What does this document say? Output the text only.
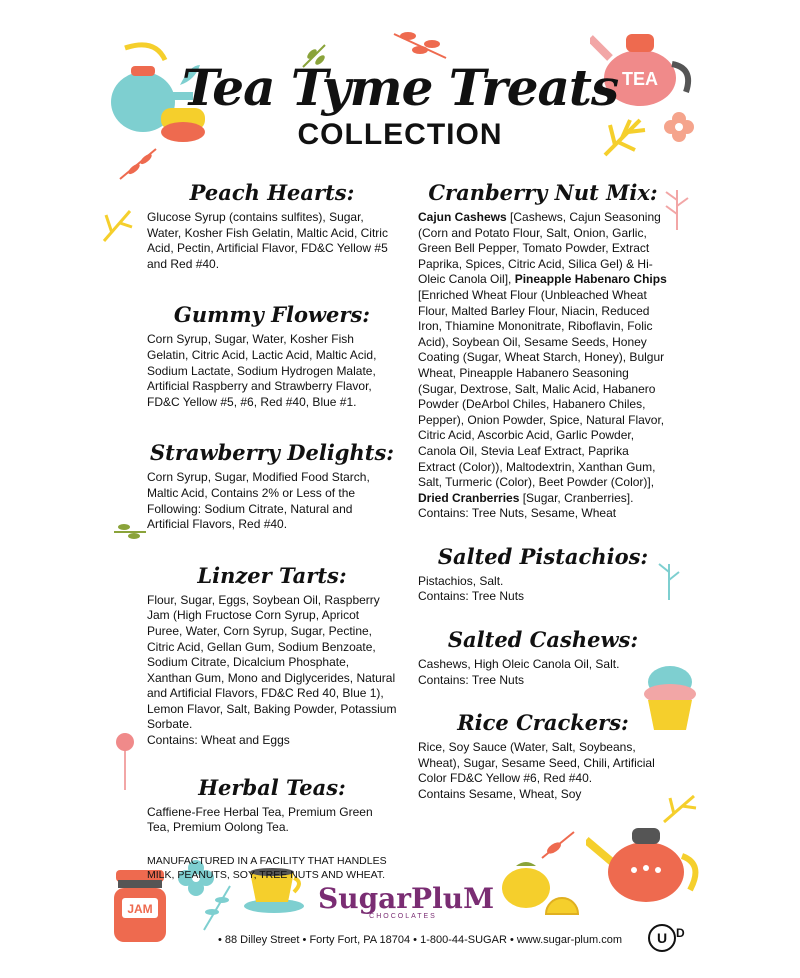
TEA
JAM
Tea Tyme Treats
COLLECTION

Peach Hearts:

Glucose Syrup (contains sulfites), Sugar, Water, Kosher Fish Gelatin, Maltic Acid, Citric Acid, Pectin, Artificial Flavor, FD&C Yellow #5 and Red #40.

Gummy Flowers:

Corn Syrup, Sugar, Water, Kosher Fish Gelatin, Citric Acid, Lactic Acid, Maltic Acid, Sodium Lactate, Sodium Hydrogen Malate, Artificial Raspberry and Strawberry Flavor, FD&C Yellow #5, #6, Red #40, Blue #1.

Strawberry Delights:

Corn Syrup, Sugar, Modified Food Starch, Maltic Acid, Contains 2% or Less of the Following: Sodium Citrate, Natural and Artificial Flavors, Red #40.

Linzer Tarts:

Flour, Sugar, Eggs, Soybean Oil, Raspberry Jam (High Fructose Corn Syrup, Apricot Puree, Water, Corn Syrup, Sugar, Pectine, Citric Acid, Gellan Gum, Sodium Benzoate, Sodium Citrate, Dicalcium Phosphate, Xanthan Gum, Mono and Diglycerides, Natural and Artificial Flavors, FD&C Red 40, Blue 1), Lemon Flavor, Salt, Baking Powder, Potassium Sorbate.

Contains: Wheat and Eggs

Herbal Teas:

Caffiene-Free Herbal Tea, Premium Green Tea, Premium Oolong Tea.

MANUFACTURED IN A FACILITY THAT HANDLES MILK, PEANUTS, SOY, TREE NUTS AND WHEAT.

Cranberry Nut Mix:

Cajun Cashews [Cashews, Cajun Seasoning (Corn and Potato Flour, Salt, Onion, Garlic, Green Bell Pepper, Tomato Powder, Extract Paprika, Spices, Citric Acid, Silica Gel) & Hi-Oleic Canola Oil], Pineapple Habenaro Chips [Enriched Wheat Flour (Unbleached Wheat Flour, Malted Barley Flour, Niacin, Reduced Iron, Thiamine Mononitrate, Riboflavin, Folic Acid), Soybean Oil, Sesame Seeds, Honey Coating (Sugar, Wheat Starch, Honey), Bulgur Wheat, Pineapple Habanero Seasoning (Sugar, Dextrose, Salt, Malic Acid, Habanero Powder (DeArbol Chiles, Habanero Chiles, Pepper), Onion Powder, Spice, Natural Flavor, Citric Acid, Ascorbic Acid, Garlic Powder, Canola Oil, Stevia Leaf Extract, Paprika Extract (Color)), Maltodextrin, Xanthan Gum, Salt, Turmeric (Color), Beet Powder (Color)], Dried Cranberries [Sugar, Cranberries].

Contains: Tree Nuts, Sesame, Wheat

Salted Pistachios:

Pistachios, Salt.

Contains: Tree Nuts

Salted Cashews:

Cashews, High Oleic Canola Oil, Salt.

Contains: Tree Nuts

Rice Crackers:

Rice, Soy Sauce (Water, Salt, Soybeans, Wheat), Sugar, Sesame Seed, Chili, Artificial Color FD&C Yellow #6, Red #40.

Contains Sesame, Wheat, Soy

SugarPluM
CHOCOLATES
• 88 Dilley Street • Forty Fort, PA 18704 • 1-800-44-SUGAR • www.sugar-plum.com	U D
